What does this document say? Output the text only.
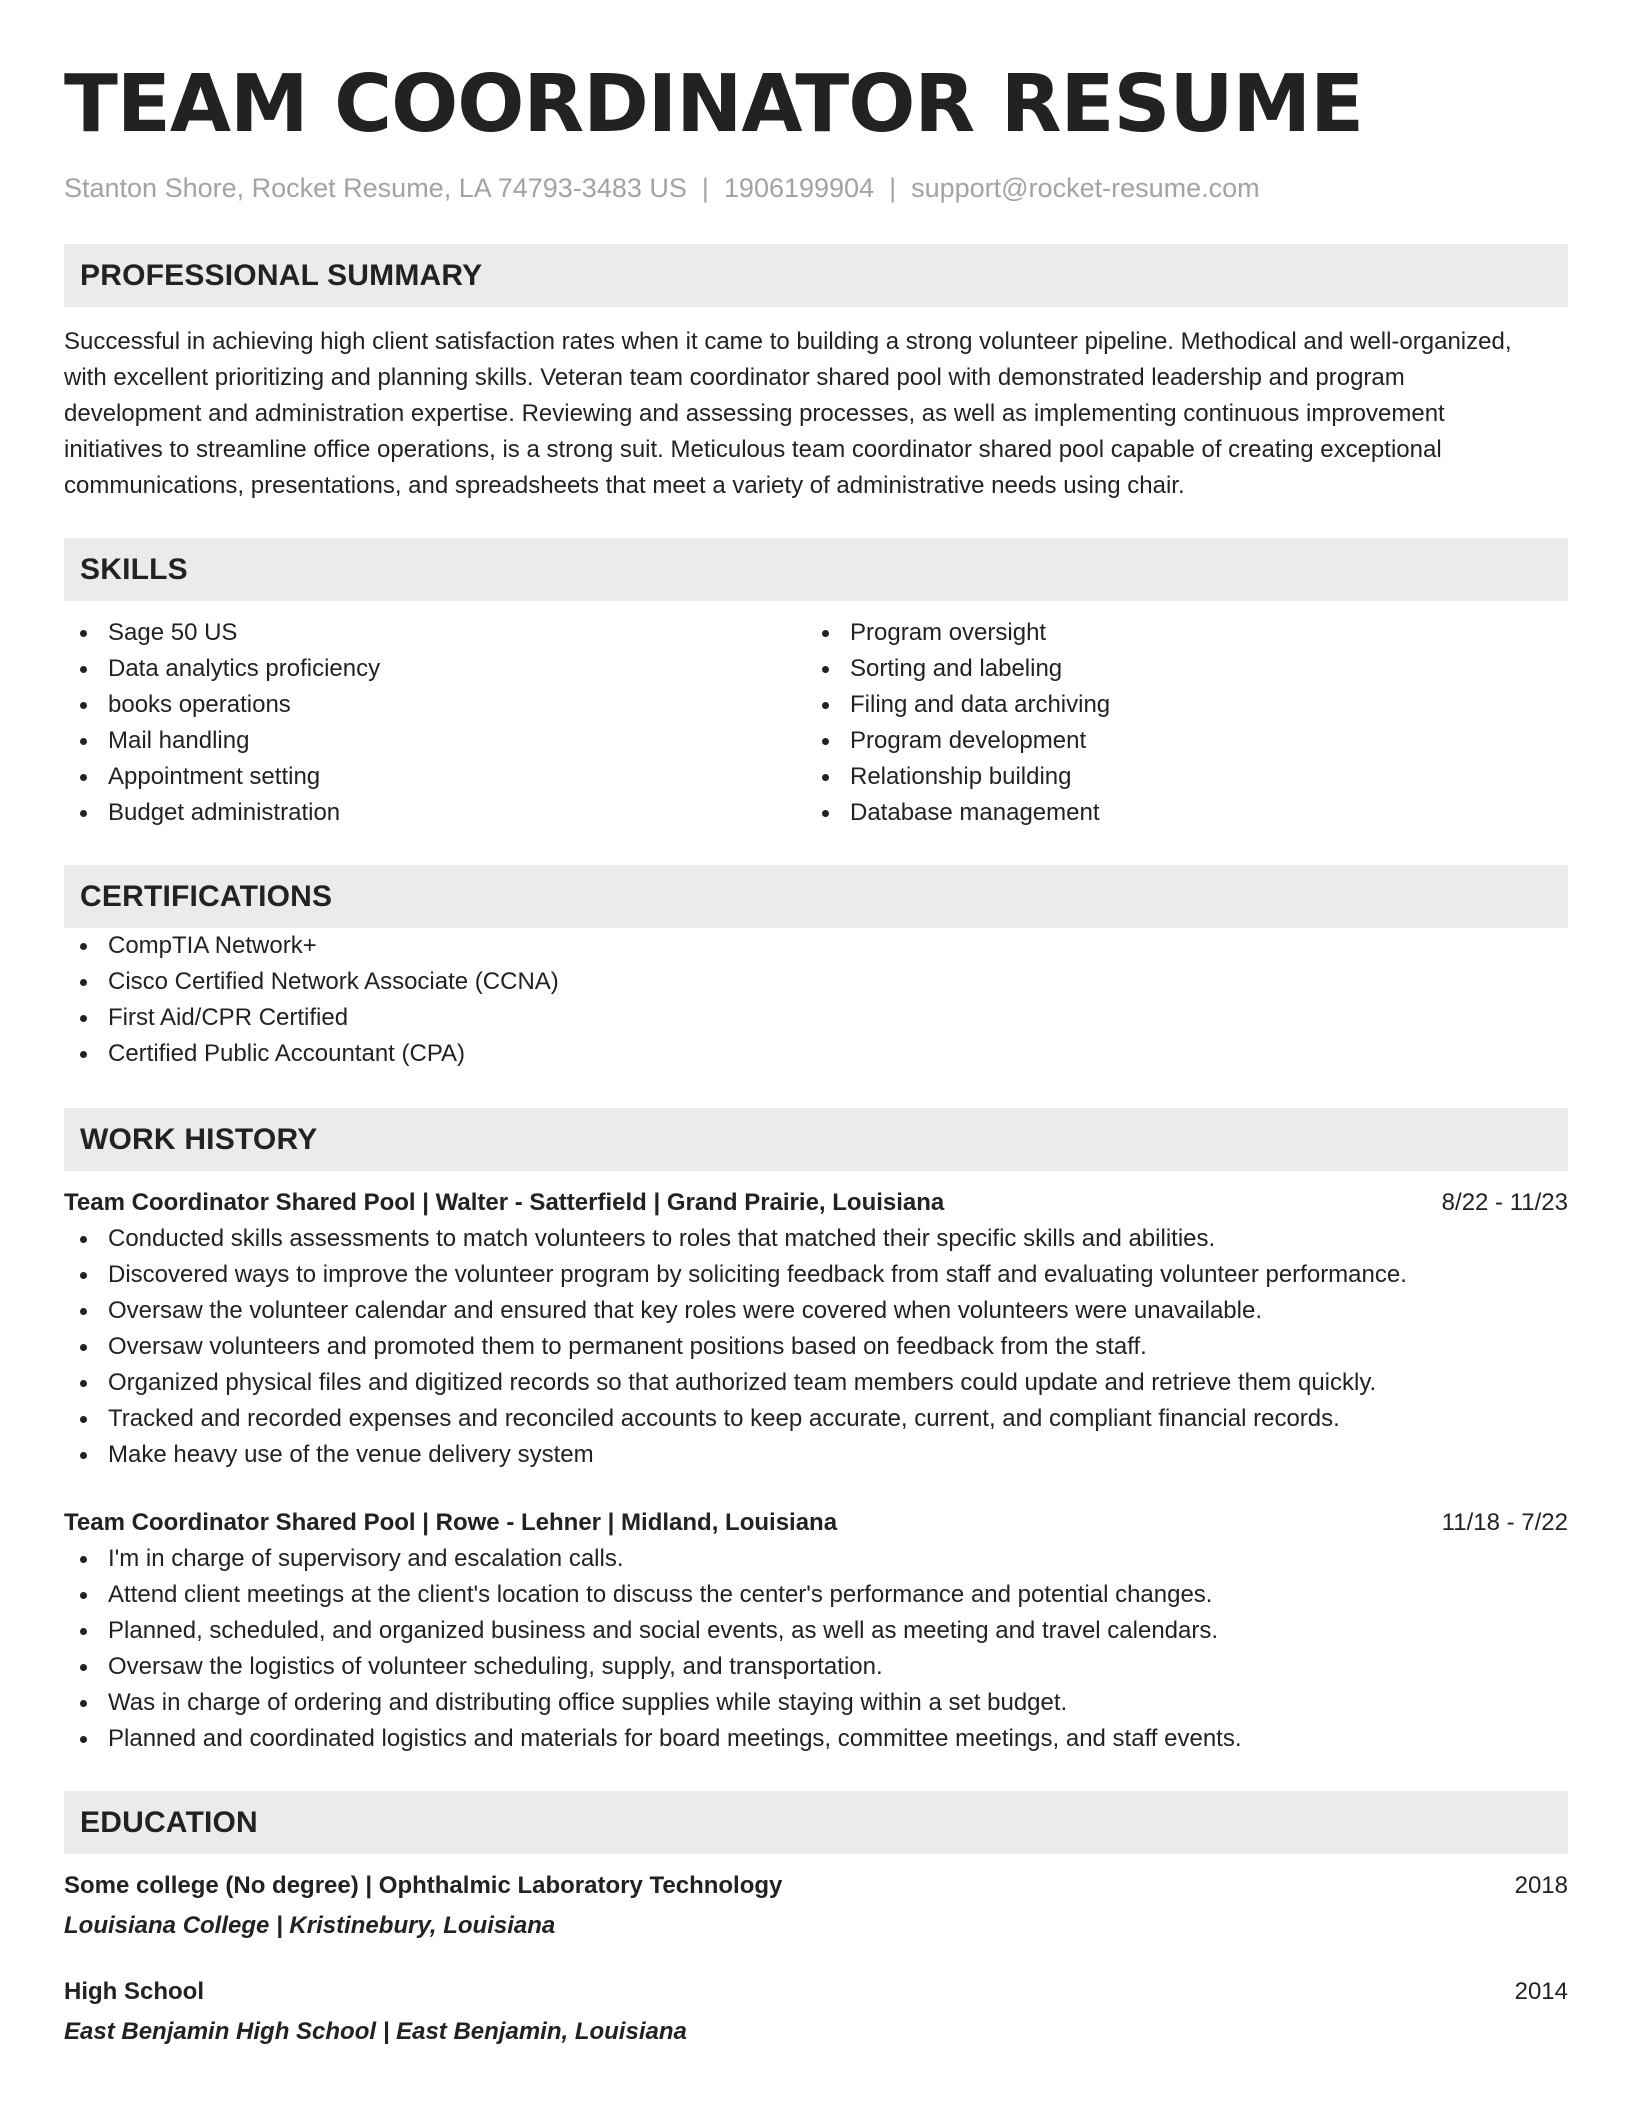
TEAM COORDINATOR RESUME
Stanton Shore, Rocket Resume, LA 74793-3483 US | 1906199904 | support@rocket-resume.com
PROFESSIONAL SUMMARY

Successful in achieving high client satisfaction rates when it came to building a strong volunteer pipeline. Methodical and well-organized, with excellent prioritizing and planning skills. Veteran team coordinator shared pool with demonstrated leadership and program development and administration expertise. Reviewing and assessing processes, as well as implementing continuous improvement initiatives to streamline office operations, is a strong suit. Meticulous team coordinator shared pool capable of creating exceptional communications, presentations, and spreadsheets that meet a variety of administrative needs using chair.

SKILLS
Sage 50 US
Data analytics proficiency
books operations
Mail handling
Appointment setting
Budget administration
Program oversight
Sorting and labeling
Filing and data archiving
Program development
Relationship building
Database management
CERTIFICATIONS
CompTIA Network+
Cisco Certified Network Associate (CCNA)
First Aid/CPR Certified
Certified Public Accountant (CPA)
WORK HISTORY
Team Coordinator Shared Pool | Walter - Satterfield | Grand Prairie, Louisiana	8/22 - 11/23
Conducted skills assessments to match volunteers to roles that matched their specific skills and abilities.
Discovered ways to improve the volunteer program by soliciting feedback from staff and evaluating volunteer performance.
Oversaw the volunteer calendar and ensured that key roles were covered when volunteers were unavailable.
Oversaw volunteers and promoted them to permanent positions based on feedback from the staff.
Organized physical files and digitized records so that authorized team members could update and retrieve them quickly.
Tracked and recorded expenses and reconciled accounts to keep accurate, current, and compliant financial records.
Make heavy use of the venue delivery system
Team Coordinator Shared Pool | Rowe - Lehner | Midland, Louisiana	11/18 - 7/22
I'm in charge of supervisory and escalation calls.
Attend client meetings at the client's location to discuss the center's performance and potential changes.
Planned, scheduled, and organized business and social events, as well as meeting and travel calendars.
Oversaw the logistics of volunteer scheduling, supply, and transportation.
Was in charge of ordering and distributing office supplies while staying within a set budget.
Planned and coordinated logistics and materials for board meetings, committee meetings, and staff events.
EDUCATION
Some college (No degree) | Ophthalmic Laboratory Technology	2018
Louisiana College | Kristinebury, Louisiana
High School	2014
East Benjamin High School | East Benjamin, Louisiana
